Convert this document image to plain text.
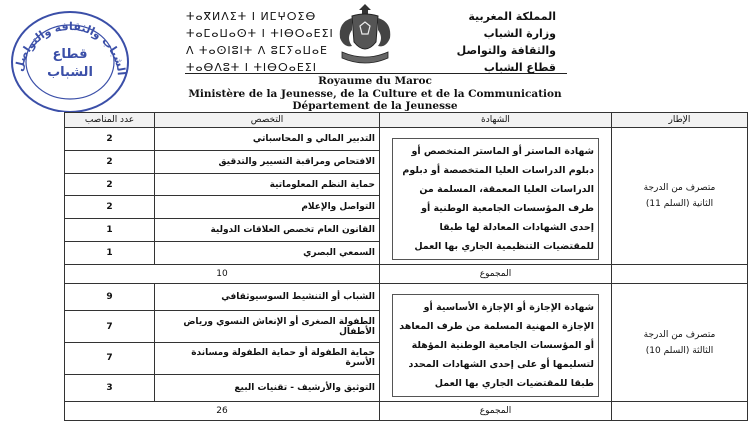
الشباب والثقافة والتواصل
قطاع
الشباب
ⵜⴰⴳⵍⴷⵉⵜ ⵏ ⵍⵎⵖⵔⵉⴱ
ⵜⴰⵎⴰⵡⴰⵙⵜ ⵏ ⵜⵏⴱⵔⴰⴹⵉⵏ
ⴷ ⵜⴰⵙⵏⵓⵏⵜ ⴷ ⵓⵎⵢⴰⵡⴰⴹ
ⵜⴰⴱⴷⵓⵜ ⵏ ⵜⵏⴱⵔⴰⴹⵉⵏ
المملكة المغربية
وزارة الشباب
والثقافة والتواصل
قطاع الشباب
Royaume du Maroc
Ministère de la Jeunesse, de la Culture et de la Communication
Département de la Jeunesse
عدد المناصب	التخصص	الشهادة	الإطار
2	التدبير المالي و المحاسباتي	شهادة الماستر أو الماستر المتخصص أو دبلوم الدراسات العليا المتخصصة أو دبلوم الدراسات العليا المعمقة، المسلمة من طرف المؤسسات الجامعية الوطنية أو إحدى الشهادات المعادلة لها طبقا للمقتضيات التنظيمية الجاري بها العمل	متصرف من الدرجة
الثانية (السلم 11)

2	الافتحاص ومراقبة التسيير والتدقيق		
2	حماية النظم المعلوماتية		
2	التواصل والإعلام		
1	القانون العام تخصص العلاقات الدولية		
1	السمعي البصري		
10		المجموع	
9	الشباب أو التنشيط السوسيوثقافي	شهادة الإجازة أو الإجازة الأساسية أو الإجازة المهنية المسلمة من طرف المعاهد أو المؤسسات الجامعية الوطنية المؤهلة لتسليمها أو على إحدى الشهادات المحدد طبقا للمقتضيات الجاري بها العمل	متصرف من الدرجة
الثالثة (السلم 10)

7	الطفولة الصغرى أو الإنعاش النسوي ورياض الأطفال		
7	حماية الطفولة أو حماية الطفولة ومساندة الأسرة		
3	التوثيق والأرشيف - تقنيات البيع		
26		المجموع	
